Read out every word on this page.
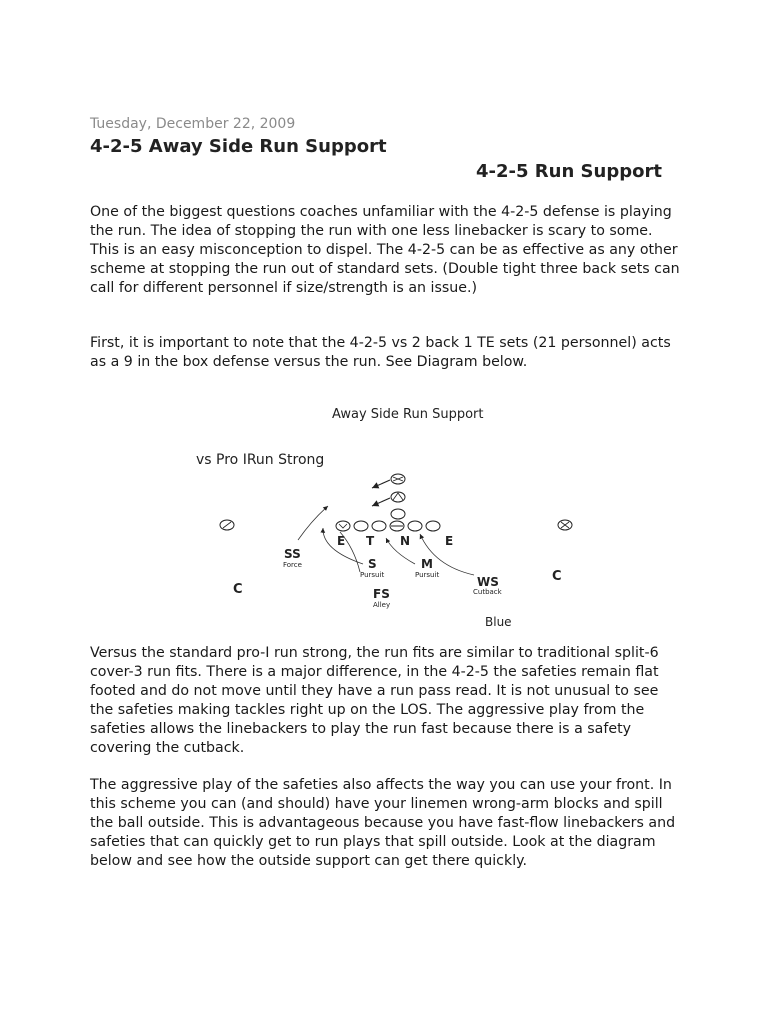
Tuesday, December 22, 2009
4-2-5 Away Side Run Support
4-2-5 Run Support

One of the biggest questions coaches unfamiliar with the 4-2-5 defense is playing the run. The idea of stopping the run with one less linebacker is scary to some. This is an easy misconception to dispel. The 4-2-5 can be as effective as any other scheme at stopping the run out of standard sets. (Double tight three back sets can call for different personnel if size/strength is an issue.)

First, it is important to note that the 4-2-5 vs 2 back 1 TE sets (21 personnel) acts as a 9 in the box defense versus the run. See Diagram below.

Away Side Run Support
vs Pro IRun Strong
E T N	E
SS
Force	S
Pursuit
M
Pursuit	WS
Cutback
FS
Alley
C
C
Blue

Versus the standard pro-I run strong, the run fits are similar to traditional split-6 cover-3 run fits. There is a major difference, in the 4-2-5 the safeties remain flat footed and do not move until they have a run pass read. It is not unusual to see the safeties making tackles right up on the LOS. The aggressive play from the safeties allows the linebackers to play the run fast because there is a safety covering the cutback.

The aggressive play of the safeties also affects the way you can use your front. In this scheme you can (and should) have your linemen wrong-arm blocks and spill the ball outside. This is advantageous because you have fast-flow linebackers and safeties that can quickly get to run plays that spill outside. Look at the diagram below and see how the outside support can get there quickly.
